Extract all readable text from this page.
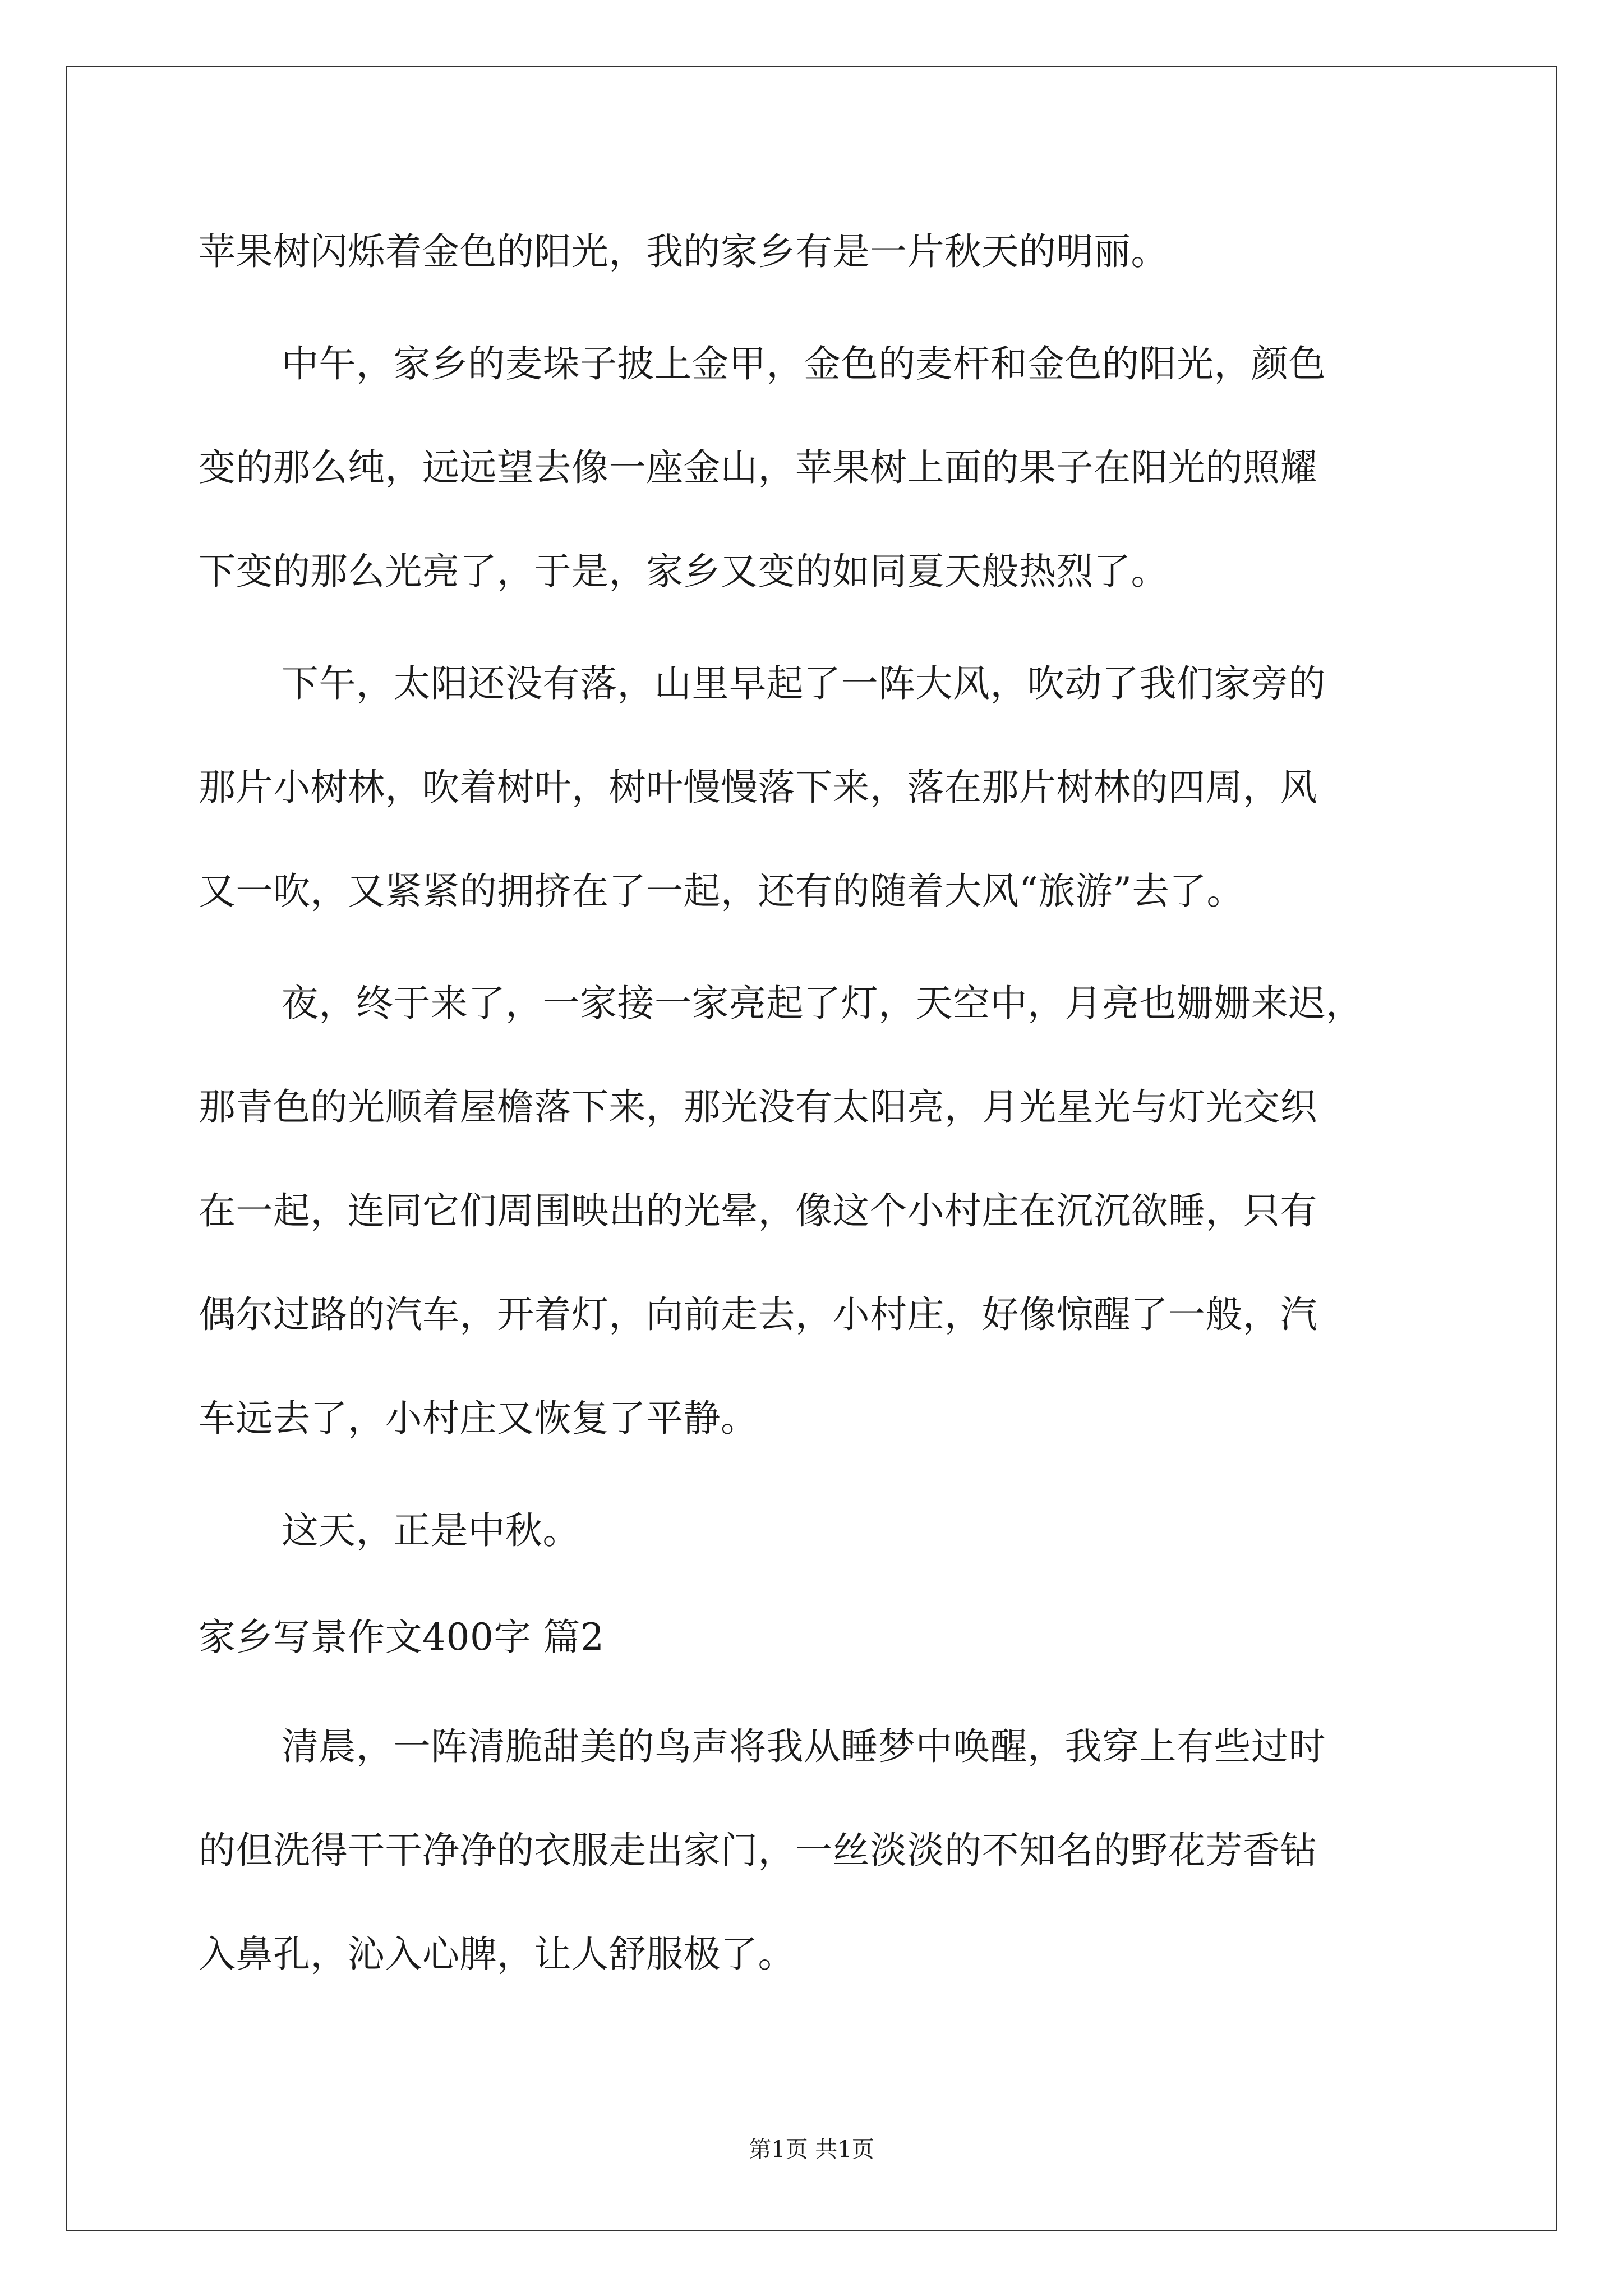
苹果树闪烁着金色的阳光，我的家乡有是一片秋天的明丽。
中午，家乡的麦垛子披上金甲，金色的麦杆和金色的阳光，颜色
变的那么纯，远远望去像一座金山，苹果树上面的果子在阳光的照耀
下变的那么光亮了，于是，家乡又变的如同夏天般热烈了。
下午，太阳还没有落，山里早起了一阵大风，吹动了我们家旁的
那片小树林，吹着树叶，树叶慢慢落下来，落在那片树林的四周，风
又一吹，又紧紧的拥挤在了一起，还有的随着大风“旅游”去了。
夜，终于来了，一家接一家亮起了灯，天空中，月亮也姗姗来迟，
那青色的光顺着屋檐落下来，那光没有太阳亮，月光星光与灯光交织
在一起，连同它们周围映出的光晕，像这个小村庄在沉沉欲睡，只有
偶尔过路的汽车，开着灯，向前走去，小村庄，好像惊醒了一般，汽
车远去了，小村庄又恢复了平静。
这天，正是中秋。
家乡写景作文400字 篇2
清晨，一阵清脆甜美的鸟声将我从睡梦中唤醒，我穿上有些过时
的但洗得干干净净的衣服走出家门，一丝淡淡的不知名的野花芳香钻
入鼻孔，沁入心脾，让人舒服极了。
第1页 共1页
